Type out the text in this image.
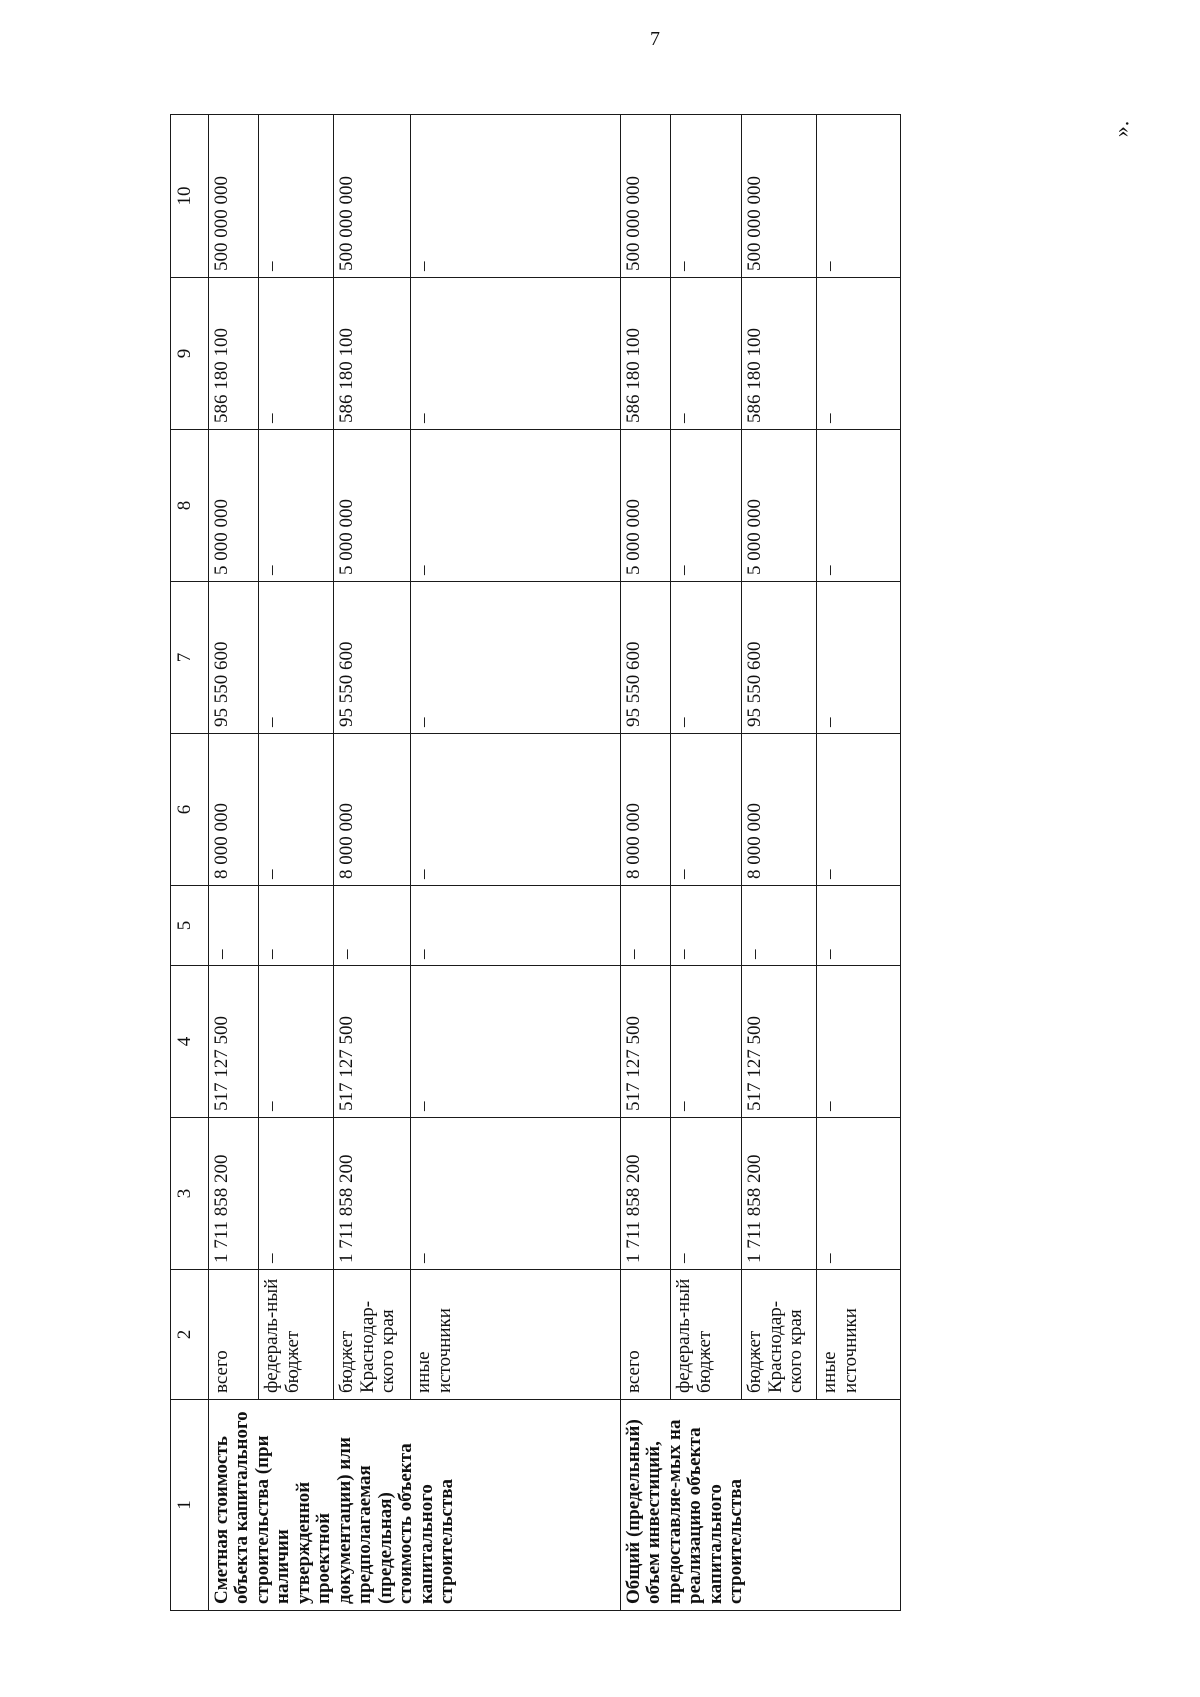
7
1	2	3	4	5	6	7	8	9	10
Сметная стоимость объекта капитального строительства (при наличии утвержденной проектной документации) или предполагаемая (предельная) стоимость объекта капитального строительства	всего	1 711 858 200	517 127 500	–	8 000 000	95 550 600	5 000 000	586 180 100	500 000 000
	федераль-ный бюджет	–	–	–	–	–	–	–	–
	бюджет Краснодар-ского края	1 711 858 200	517 127 500	–	8 000 000	95 550 600	5 000 000	586 180 100	500 000 000
	иные источники	–	–	–	–	–	–	–	–
Общий (предельный) объем инвестиций, предоставляе-мых на реализацию объекта капитального строительства	всего	1 711 858 200	517 127 500	–	8 000 000	95 550 600	5 000 000	586 180 100	500 000 000
	федераль-ный бюджет	–	–	–	–	–	–	–	–
	бюджет Краснодар-ского края	1 711 858 200	517 127 500	–	8 000 000	95 550 600	5 000 000	586 180 100	500 000 000
	иные источники	–	–	–	–	–	–	–	–
».
